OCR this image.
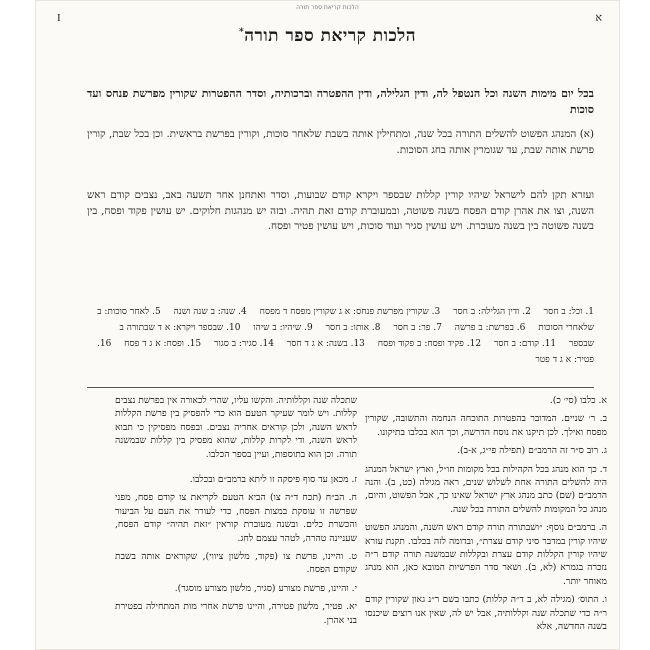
הלכות קריאת ספר תורה
I	א
הלכות קריאת ספר תורה*
בכל יום מימות השנה וכל הנטפל לה, ודין הגלילה, ודין ההפטרה וברכותיה, וסדר ההפטרות שקורין מפרשת פנחס ועד סוכות
(א) המנהג הפשוט להשלים התורה בכל שנה, ומתחילין אותה בשבת שלאחר סוכות, וקורין בפרשת בראשית. וכן בכל שבת, קורין פרשת אותה שבת, עד שגומרין אותה בחג הסוכות.
ועזרא תקן להם לישראל שיהיו קורין קללות שבספר ויקרא קודם שבועות, וסדר ואתחנן אחר תשעה באב, נצבים קודם ראש השנה, וצו את אהרן קודם הפסח בשנה פשוטה, ובמעוברת קודם זאת תהיה. ובזה יש מנהגות חלוקים. יש עושין פקוד ופסח, בין בשנה פשוטה בין בשנה מעוברת. ויש עושין סגיר ועוד סוכות, ויש עושין פטיר ופסח.
1. וכל: ב חסר 2. ודין הגלילה: ב חסר 3. שקורין מפרשת פנחס: א ג שקורין מפסח ד מפסח 4. שנה: ב שנה ושנה 5. לאחר סוכות: ב שלאחרי הסוכות 6. בפרשת: ב פרשה 7. פר: ב חסר 8. אותו: ב חסר 9. שיהיו: ב שיהו 10. שבספר ויקרא: א ד שבתורה ב שבספר 11. קודם: ב חסר 12. פקיד ופסח: ב פקוד ופסח 13. בשנה: א ג ד חסר 14. סגיר: ב סגור 15. ופסח: א ג ד פסח 16. פטיר: א ג ד פטר

א. כלבו (סי׳ כ).

ב. ר׳ שניים. המדובר בהפטרות התוכחה הנחמה והתשובה, שקורין מפסח ואילך. לכן תיקנו את נוסח הדרשה, וכך הוא בכלבו בתיקונו.

ג. רוב ס״ר זה הרמב״ם (תפילה פי״ג, א-ב).

ד. כך הוא מנהג בכל הקהילות בכל מקומות חו״ל, וארץ ישראל המנהג היה להשלים התורה אחת לשלוש שנים, ראה מגילה (כט, ב). והנה הרמב״ם (שם) כתב מנהג ארץ ישראל שאינו כך, אבל הפשוט, והיום, מנהג כל המקומות להשלים התורה בכל שנה.

ה. ברמב״ם נוסף: ״ושבתורה תורה קודם ראש השנה, והמנהג הפשוט שיהיו קורין במדבר סיני קודם עצרת״, ובדומה לזה בכלבו. תקנת עזרא שיהיו קורין הקללות קודם עצרת ובקללות שבמשנה תורה קודם ר״ה נזכרה בגמרא (לא, ב). ושאר סדר הפרשיות המובא כאן, הוא מנהג מאוחר יותר.

ו. התוס׳ (מגילה לא, ב ד״ה קללות) כתבו בשם ר״נ גאון שקורין קודם ר״ה כדי שתכלה שנה וקללותיה, אבל יש לה, שאין אנו רוצים שיכנסו בשנה החדשה, אלא

שתכלה שנה וקללותיה. והקשו עליו, שהרי לכאורה אין בפרשת נצבים קללות. ויש לומר שעיקר הטעם הוא כדי להפסיק בין פרשת הקללות לראש השנה, ולכן קוראים אחריה נצבים. ובפסח מפסיקין כי תבוא לראש השנה, ודי לקרות קללות, שהוא מפסיק בין קללות שבמשנה תורה. וכן הוא בתוספות, ועיין בספר הכלבו.

ז. מכאן עד סוף פיסקה זו ליתא ברמב״ם ובכלבו.

ח. הב״ח (תכח ד״ה צו) הביא הטעם לקריאת צו קודם פסח, מפני שפרשה זו עוסקת במצות הפסח, כדי לעורר את העם על הביעור והכשרת כלים. ובשנה מעוברת קוראין ״זאת תהיה״ קודם הפסח, שעניינה טהרה, לטהר עצמם לחג.

ט. והיינו, פרשת צו (פקוד, מלשון ציווי), שקוראים אותה בשבת שקודם הפסח.

י. והיינו, פרשת מצורע (סגיר, מלשון מצורע מוסגר).

יא. פטיר, מלשון פטירה, והיינו פרשת אחרי מות המתחילה בפטירת בני אהרן.
